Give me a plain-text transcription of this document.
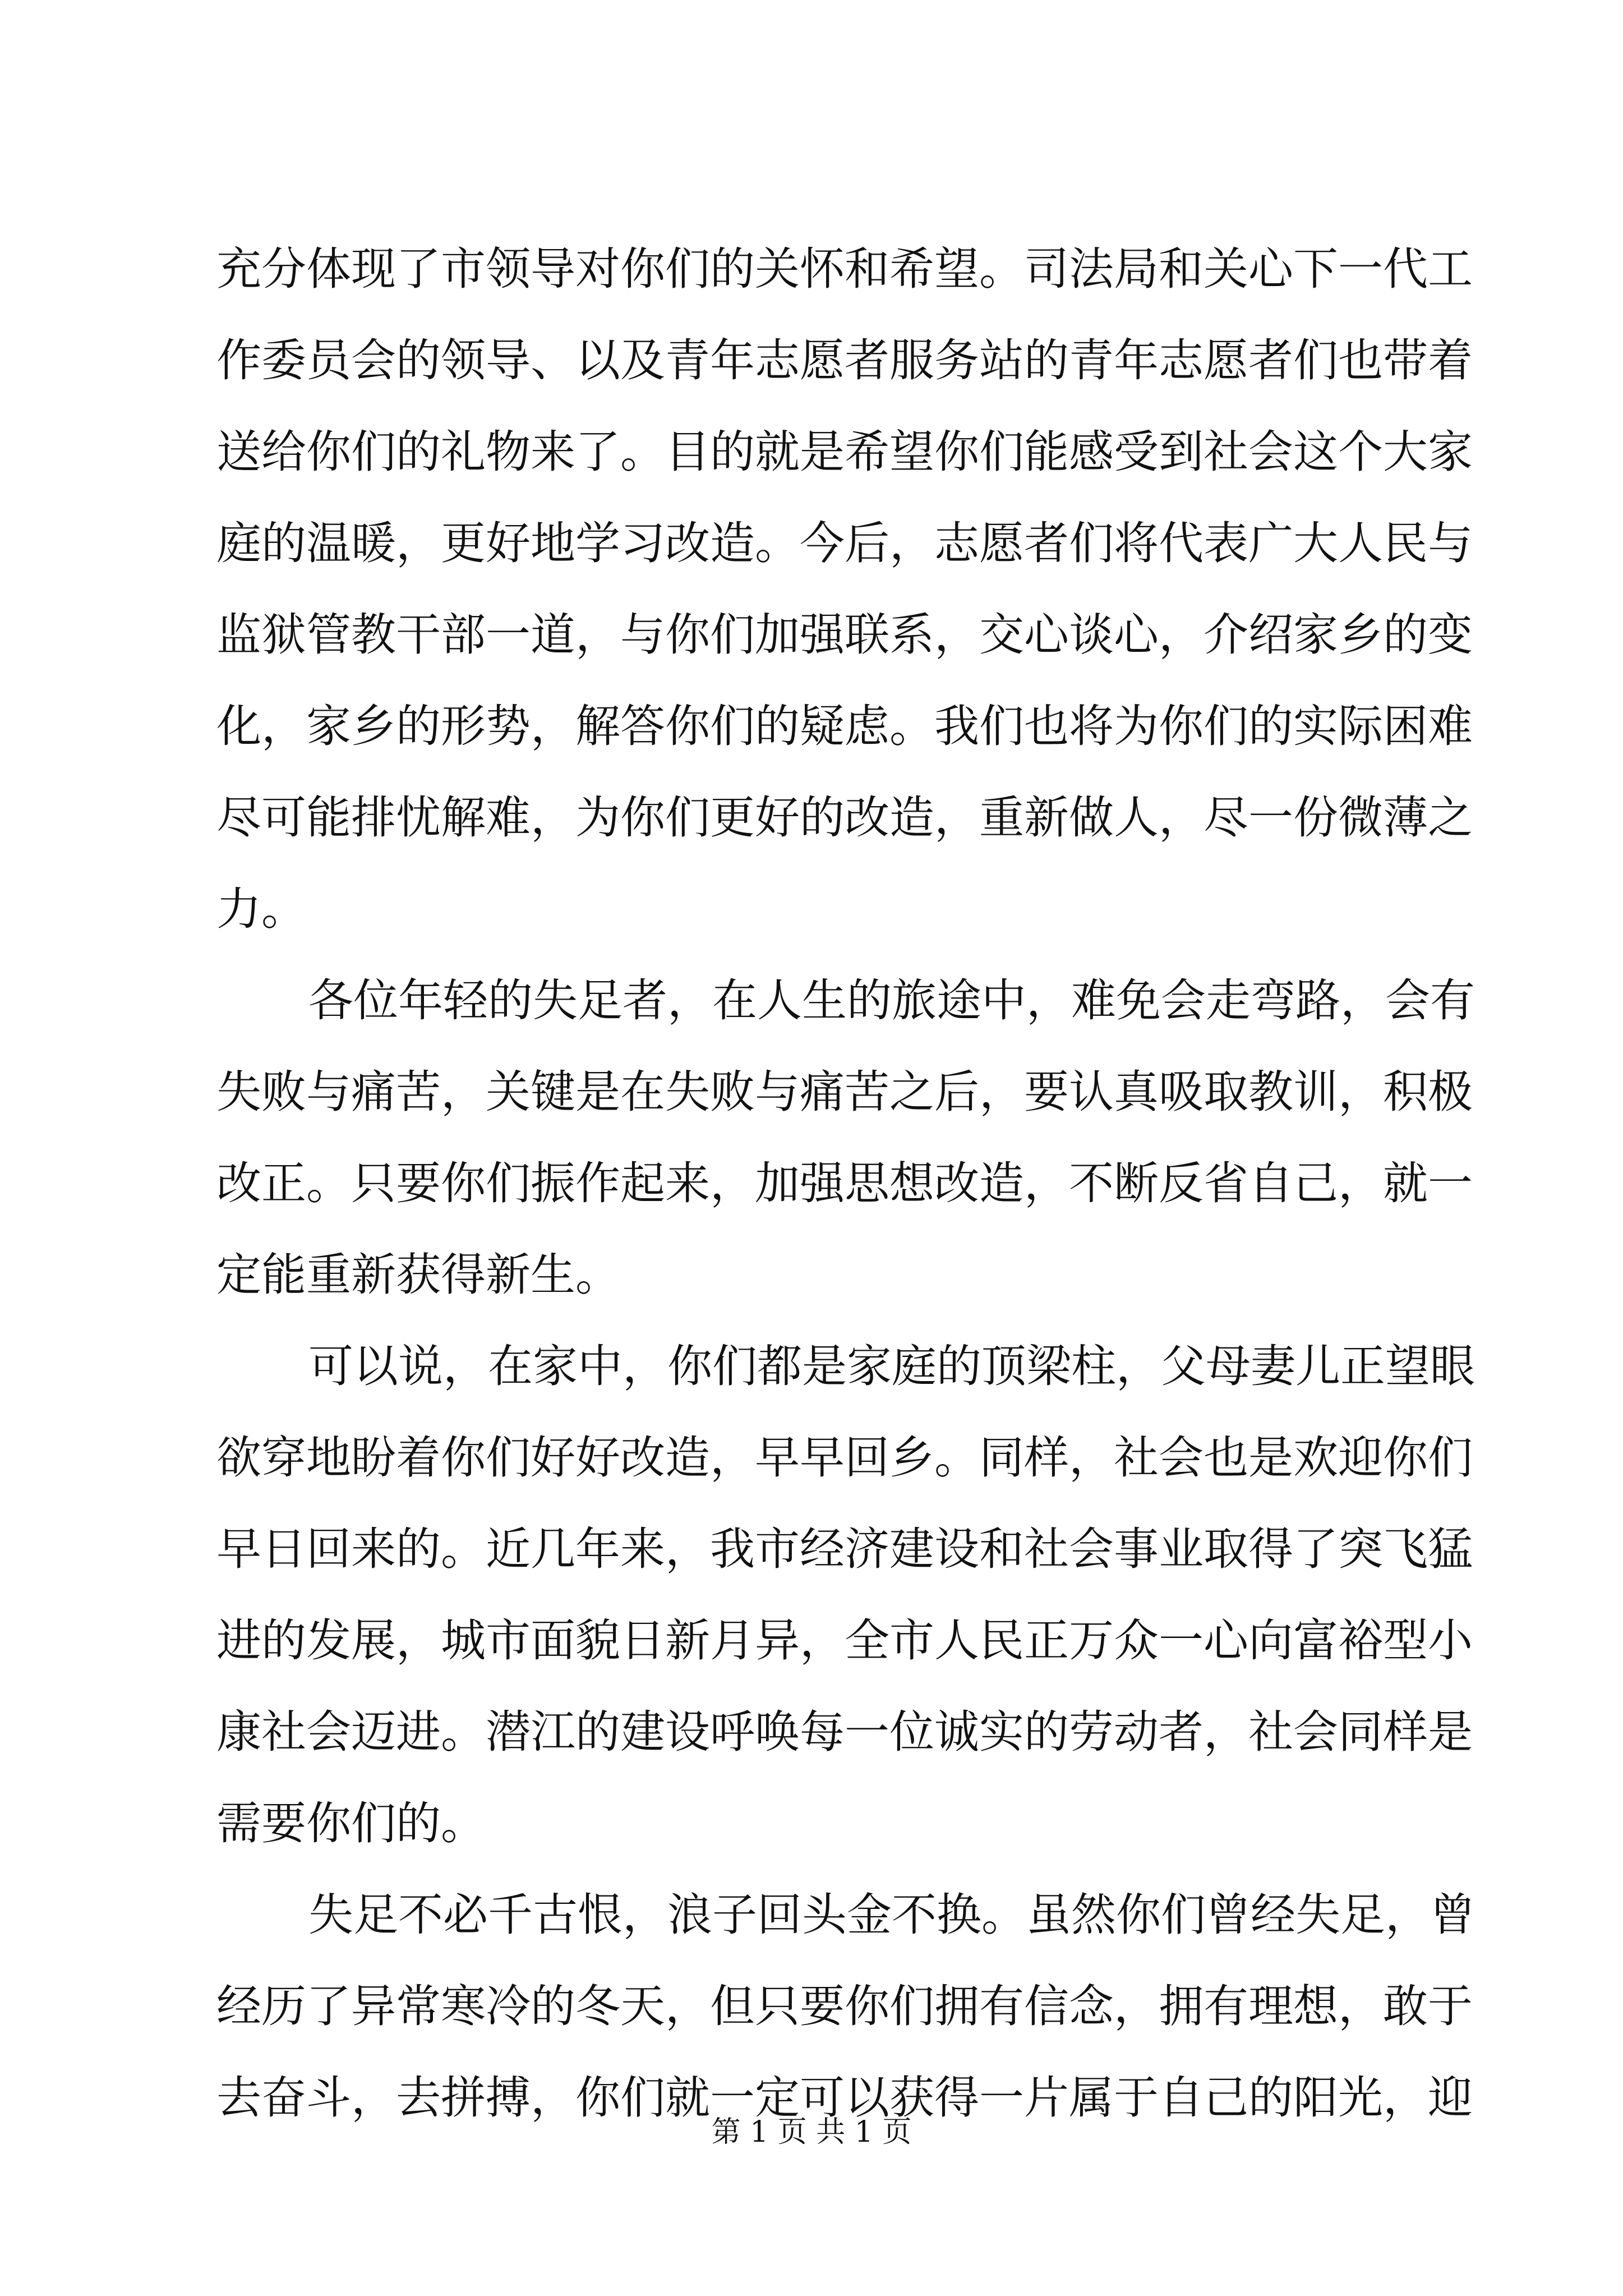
充分体现了市领导对你们的关怀和希望。司法局和关心下一代工
作委员会的领导、以及青年志愿者服务站的青年志愿者们也带着
送给你们的礼物来了。目的就是希望你们能感受到社会这个大家
庭的温暖，更好地学习改造。今后，志愿者们将代表广大人民与
监狱管教干部一道，与你们加强联系，交心谈心，介绍家乡的变
化，家乡的形势，解答你们的疑虑。我们也将为你们的实际困难
尽可能排忧解难，为你们更好的改造，重新做人，尽一份微薄之
力。
各位年轻的失足者，在人生的旅途中，难免会走弯路，会有
失败与痛苦，关键是在失败与痛苦之后，要认真吸取教训，积极
改正。只要你们振作起来，加强思想改造，不断反省自己，就一
定能重新获得新生。
可以说，在家中，你们都是家庭的顶梁柱，父母妻儿正望眼
欲穿地盼着你们好好改造，早早回乡。同样，社会也是欢迎你们
早日回来的。近几年来，我市经济建设和社会事业取得了突飞猛
进的发展，城市面貌日新月异，全市人民正万众一心向富裕型小
康社会迈进。潜江的建设呼唤每一位诚实的劳动者，社会同样是
需要你们的。
失足不必千古恨，浪子回头金不换。虽然你们曾经失足，曾
经历了异常寒冷的冬天，但只要你们拥有信念，拥有理想，敢于
去奋斗，去拼搏，你们就一定可以获得一片属于自己的阳光，迎
第 1 页 共 1 页
